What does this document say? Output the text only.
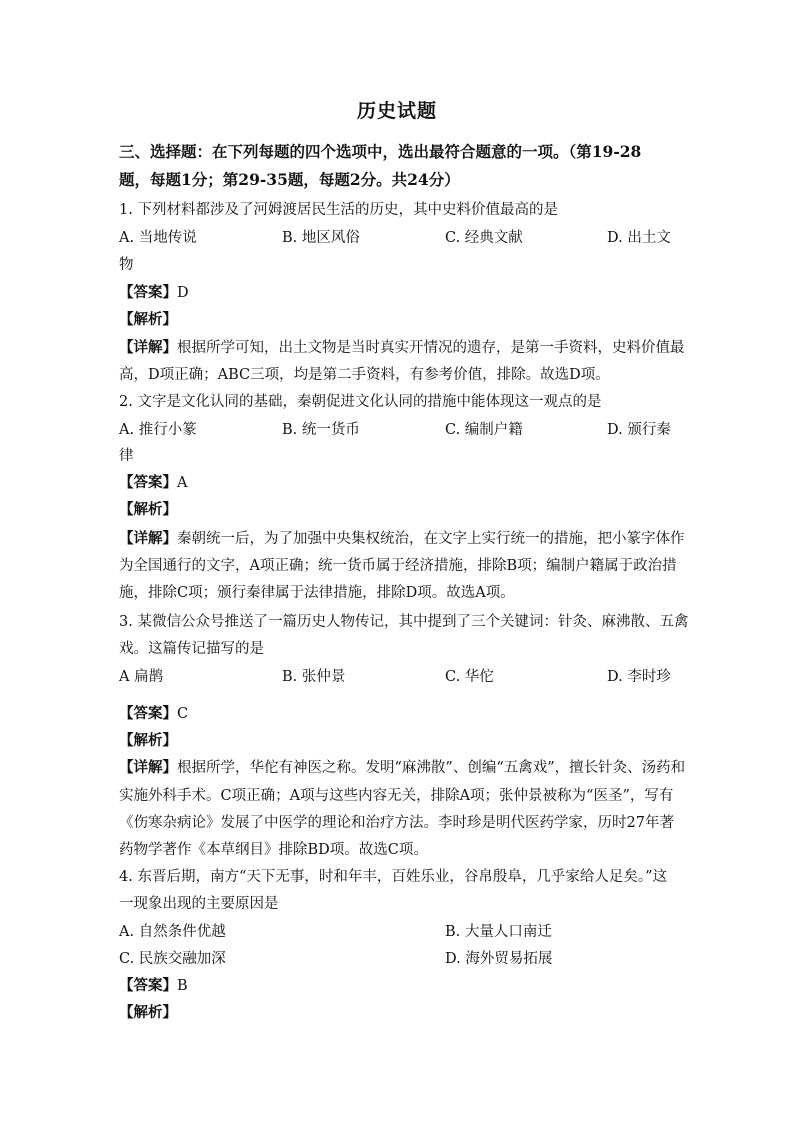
历史试题
三、选择题：在下列每题的四个选项中，选出最符合题意的一项。（第19-28
题，每题1分；第29-35题，每题2分。共24分）
1. 下列材料都涉及了河姆渡居民生活的历史，其中史料价值最高的是
A. 当地传说	B. 地区风俗	C. 经典文献	D. 出土文
物
【答案】D
【解析】
【详解】根据所学可知，出土文物是当时真实开情况的遗存，是第一手资料，史料价值最
高，D项正确；ABC三项，均是第二手资料，有参考价值，排除。故选D项。
2. 文字是文化认同的基础，秦朝促进文化认同的措施中能体现这一观点的是
A. 推行小篆	B. 统一货币	C. 编制户籍	D. 颁行秦
律
【答案】A
【解析】
【详解】秦朝统一后，为了加强中央集权统治，在文字上实行统一的措施，把小篆字体作
为全国通行的文字，A项正确；统一货币属于经济措施，排除B项；编制户籍属于政治措
施，排除C项；颁行秦律属于法律措施，排除D项。故选A项。
3. 某微信公众号推送了一篇历史人物传记，其中提到了三个关键词：针灸、麻沸散、五禽
戏。这篇传记描写的是
A 扁鹊	B. 张仲景	C. 华佗	D. 李时珍
【答案】C
【解析】
【详解】根据所学，华佗有神医之称。发明“麻沸散”、创编“五禽戏”，擅长针灸、汤药和
实施外科手术。C项正确；A项与这些内容无关，排除A项；张仲景被称为“医圣”，写有
《伤寒杂病论》发展了中医学的理论和治疗方法。李时珍是明代医药学家，历时27年著
药物学著作《本草纲目》排除BD项。故选C项。
4. 东晋后期，南方“天下无事，时和年丰，百姓乐业，谷帛殷阜，几乎家给人足矣。”这
一现象出现的主要原因是
A. 自然条件优越	B. 大量人口南迁
C. 民族交融加深	D. 海外贸易拓展
【答案】B
【解析】
